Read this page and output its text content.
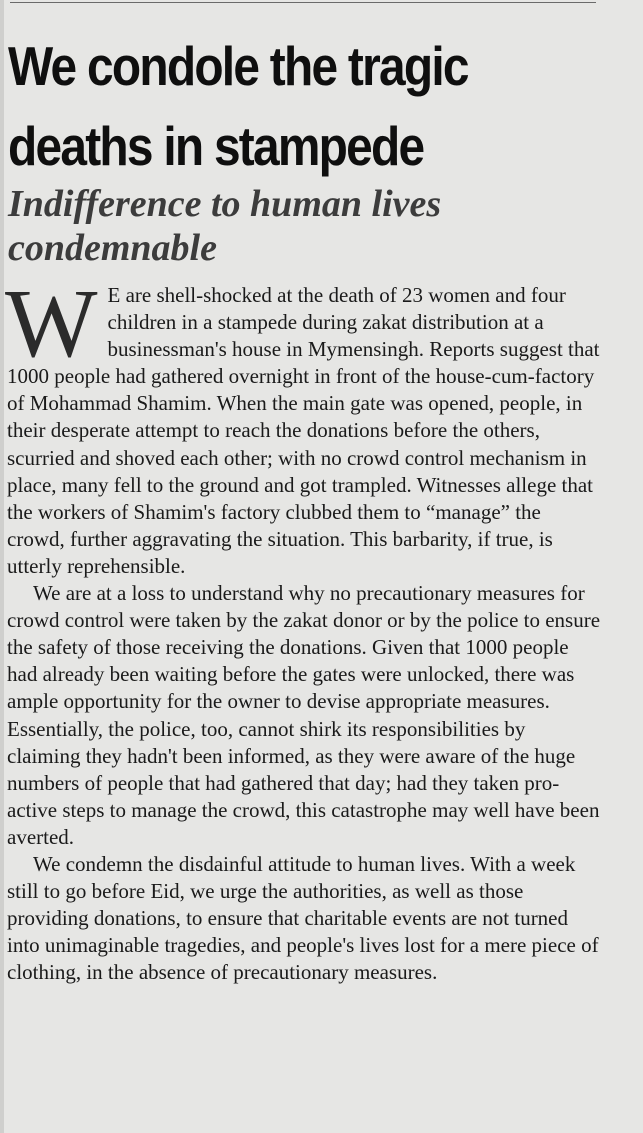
We condole the tragic deaths in stampede
Indifference to human lives condemnable

W E are shell-shocked at the death of 23 women and four children in a stampede during zakat distribution at a businessman's house in Mymensingh. Reports suggest that 1000 people had gathered overnight in front of the house-cum-factory of Mohammad Shamim. When the main gate was opened, people, in their desperate attempt to reach the donations before the others, scurried and shoved each other; with no crowd control mechanism in place, many fell to the ground and got trampled. Witnesses allege that the workers of Shamim's factory clubbed them to “manage” the crowd, further aggravating the situation. This barbarity, if true, is utterly reprehensible.

We are at a loss to understand why no precautionary measures for crowd control were taken by the zakat donor or by the police to ensure the safety of those receiving the donations. Given that 1000 people had already been waiting before the gates were unlocked, there was ample opportunity for the owner to devise appropriate measures. Essentially, the police, too, cannot shirk its responsibilities by claiming they hadn't been informed, as they were aware of the huge numbers of people that had gathered that day; had they taken pro-active steps to manage the crowd, this catastrophe may well have been averted.

We condemn the disdainful attitude to human lives. With a week still to go before Eid, we urge the authorities, as well as those providing donations, to ensure that charitable events are not turned into unimaginable tragedies, and people's lives lost for a mere piece of clothing, in the absence of precautionary measures.
